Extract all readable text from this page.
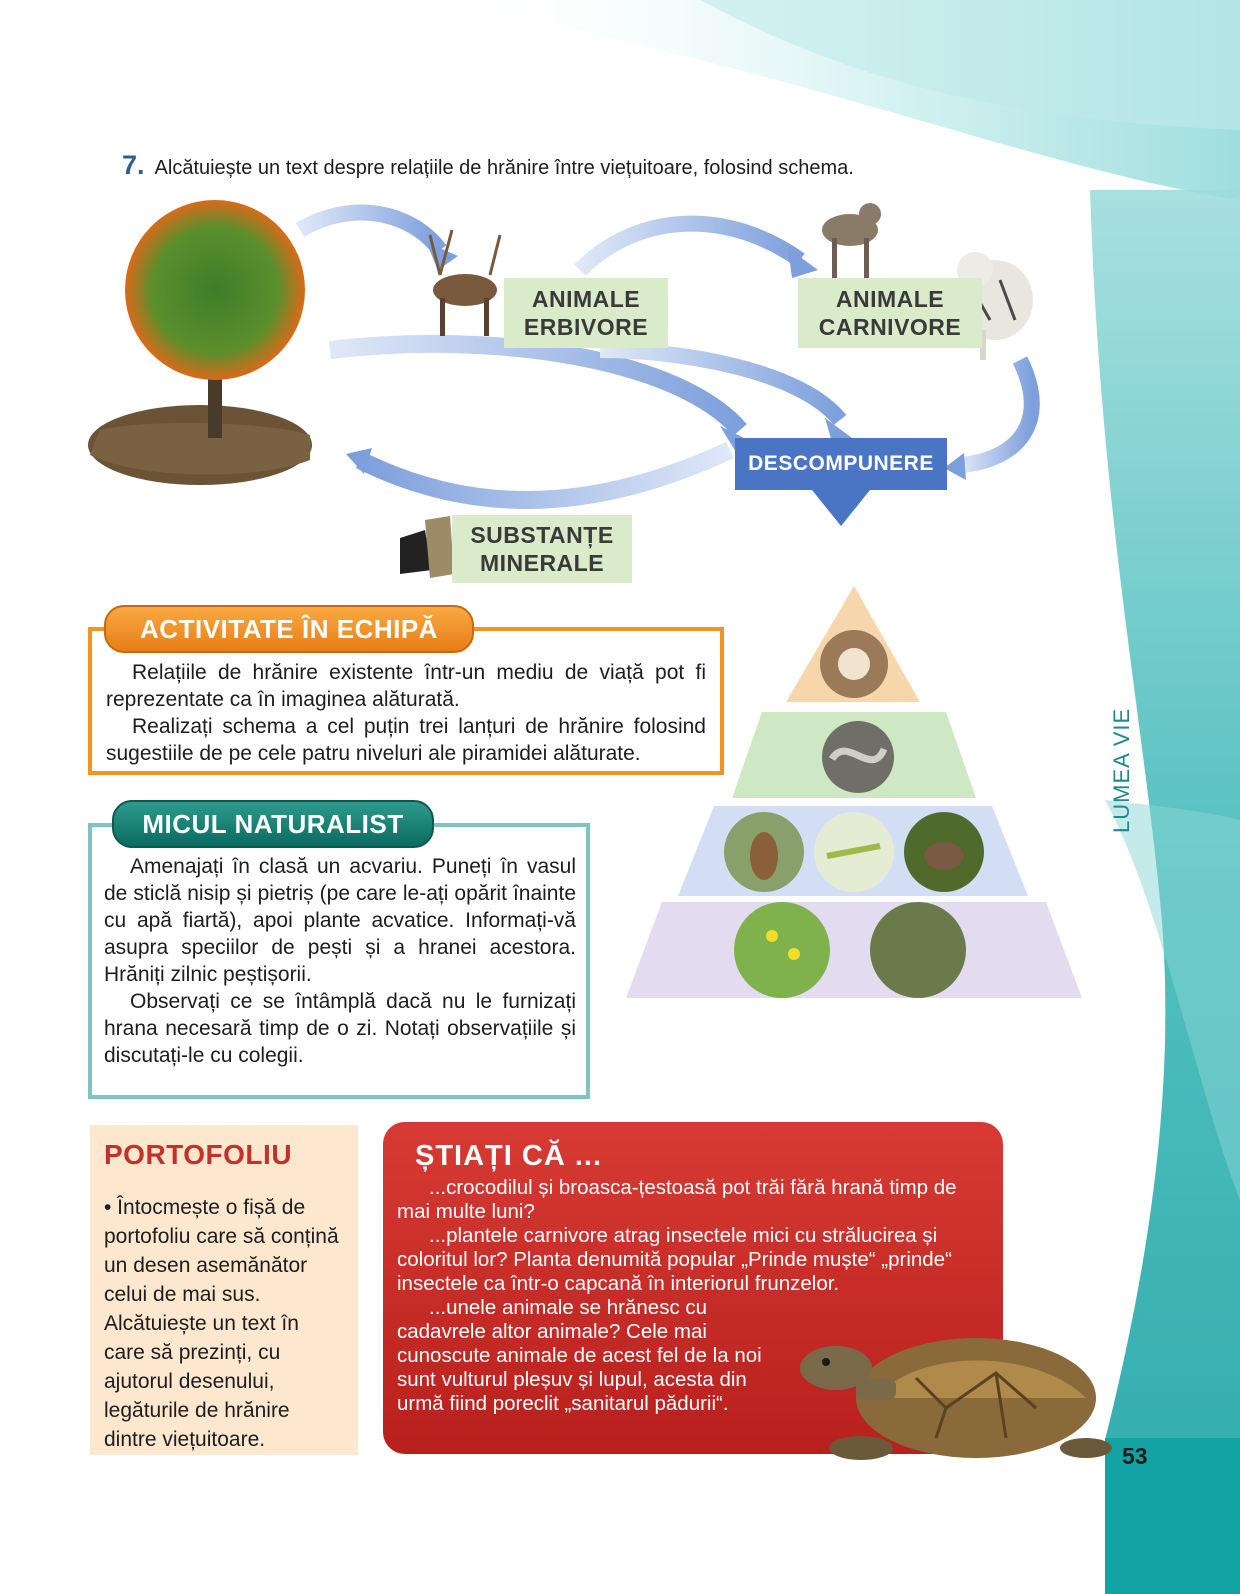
7. Alcătuiește un text despre relațiile de hrănire între viețuitoare, folosind schema.
ANIMALE
ERBIVORE
ANIMALE
CARNIVORE
DESCOMPUNERE
SUBSTANȚE
MINERALE

Relațiile de hrănire existente într-un mediu de viață pot fi reprezentate ca în imaginea alăturată.

Realizați schema a cel puțin trei lanțuri de hrănire folosind sugestiile de pe cele patru niveluri ale piramidei alăturate.

ACTIVITATE ÎN ECHIPĂ

Amenajați în clasă un acvariu. Puneți în vasul de sticlă nisip și pietriș (pe care le-ați opărit înainte cu apă fiartă), apoi plante acvatice. Informați-vă asupra speciilor de pești și a hranei acestora. Hrăniți zilnic peștișorii.

Observați ce se întâmplă dacă nu le furnizați hrana necesară timp de o zi. Notați observațiile și discutați-le cu colegii.

MICUL NATURALIST
PORTOFOLIU
• Întocmește o fișă de portofoliu care să conțină un desen asemănător celui de mai sus. Alcătuiește un text în care să prezinți, cu ajutorul desenului, legăturile de hrănire dintre viețuitoare.
ȘTIAȚI CĂ ...

...crocodilul și broasca-țestoasă pot trăi fără hrană timp de mai multe luni?

...plantele carnivore atrag insectele mici cu strălucirea și coloritul lor? Planta denumită popular „Prinde muște“ „prinde“ insectele ca într-o capcană în interiorul frunzelor.

...unele animale se hrănesc cu

cadavrele altor animale? Cele mai
cunoscute animale de acest fel de la noi
sunt vulturul pleșuv și lupul, acesta din
urmă fiind poreclit „sanitarul pădurii“.
LUMEA VIE
53
